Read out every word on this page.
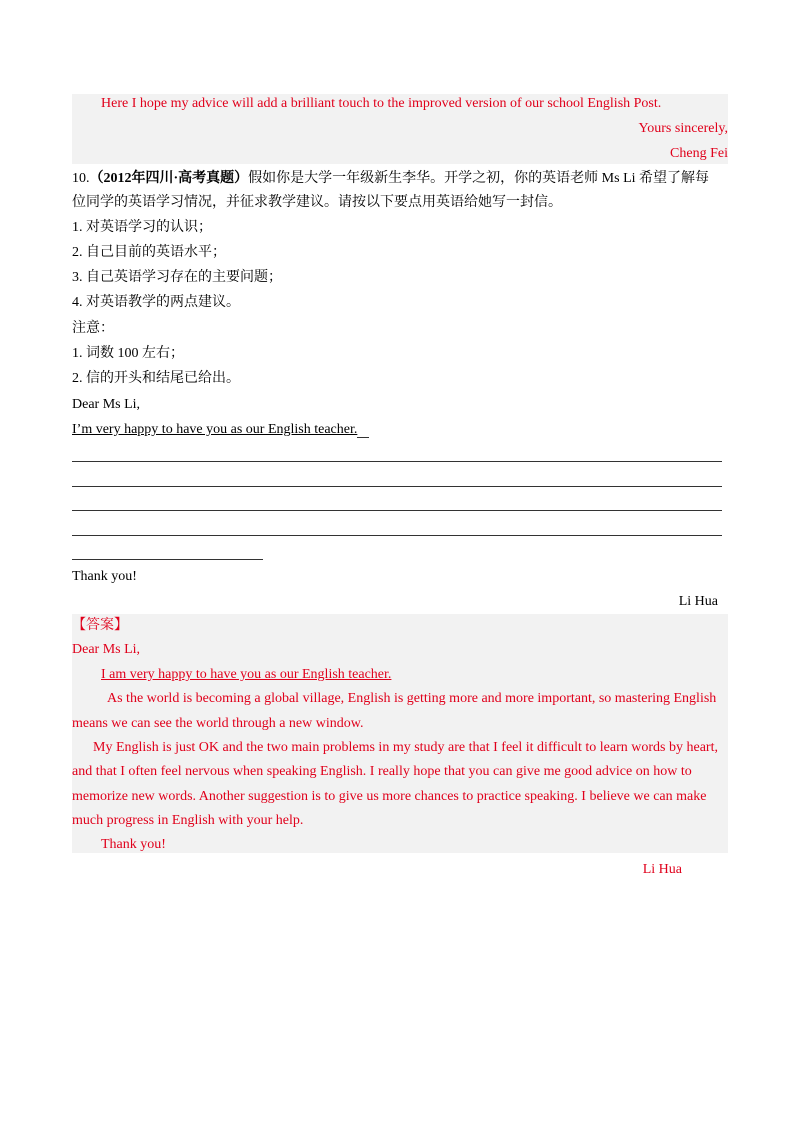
Here I hope my advice will add a brilliant touch to the improved version of our school English Post.
Yours sincerely,
Cheng Fei
10.（2012年四川·高考真题）假如你是大学一年级新生李华。开学之初，你的英语老师 Ms Li 希望了解每
位同学的英语学习情况，并征求教学建议。请按以下要点用英语给她写一封信。
1. 对英语学习的认识；
2. 自己目前的英语水平；
3. 自己英语学习存在的主要问题；
4. 对英语教学的两点建议。
注意：
1. 词数 100 左右；
2. 信的开头和结尾已给出。
Dear Ms Li,
I’m very happy to have you as our English teacher.
Thank you!
Li Hua
【答案】
Dear Ms Li,
I am very happy to have you as our English teacher.
As the world is becoming a global village, English is getting more and more important, so mastering English
means we can see the world through a new window.
My English is just OK and the two main problems in my study are that I feel it difficult to learn words by heart,
and that I often feel nervous when speaking English. I really hope that you can give me good advice on how to
memorize new words. Another suggestion is to give us more chances to practice speaking. I believe we can make
much progress in English with your help.
Thank you!
Li Hua
